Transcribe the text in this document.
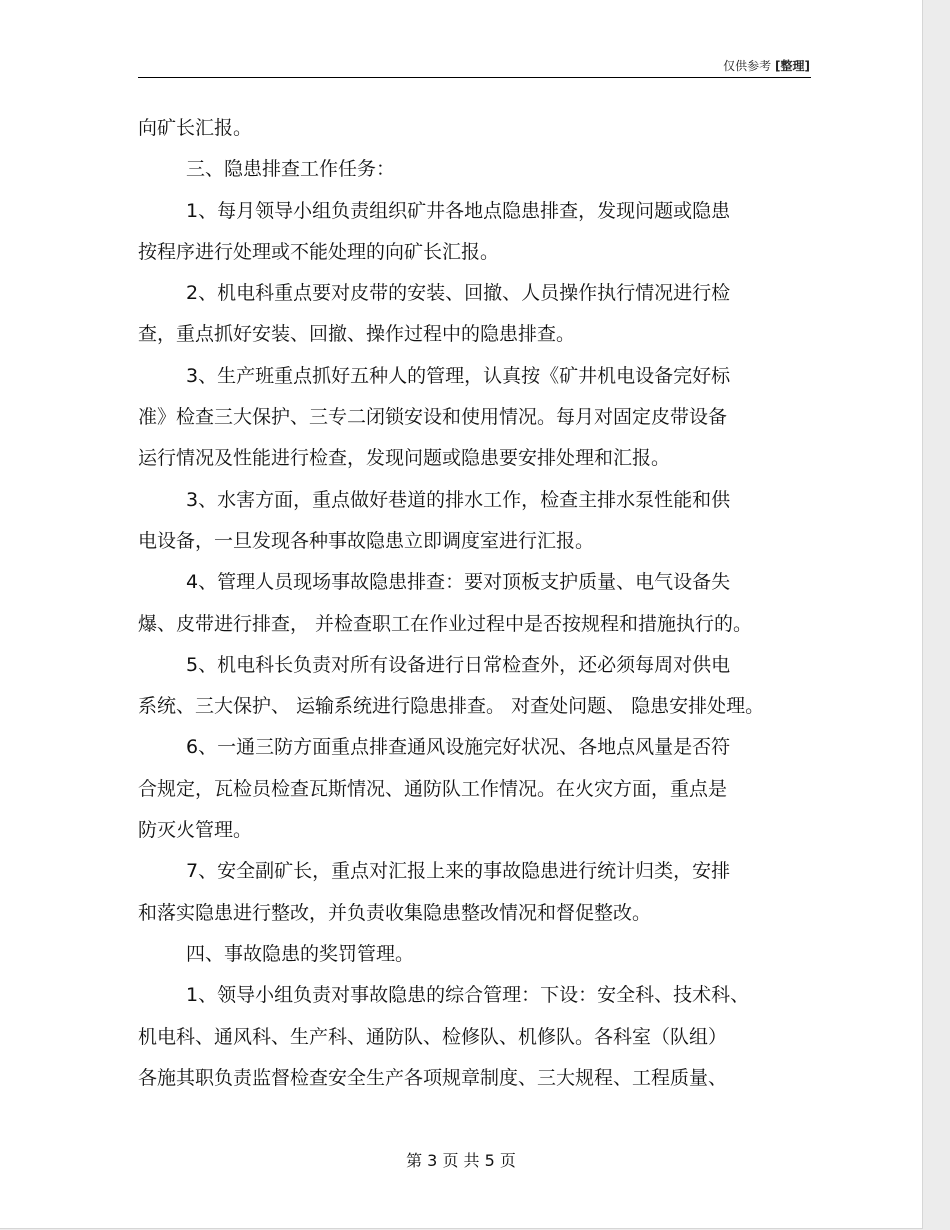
仅供参考 [整理]
向矿长汇报。
三、隐患排查工作任务：
1、每月领导小组负责组织矿井各地点隐患排查，发现问题或隐患
按程序进行处理或不能处理的向矿长汇报。
2、机电科重点要对皮带的安装、回撤、人员操作执行情况进行检
查，重点抓好安装、回撤、操作过程中的隐患排查。
3、生产班重点抓好五种人的管理，认真按《矿井机电设备完好标
准》检查三大保护、三专二闭锁安设和使用情况。每月对固定皮带设备
运行情况及性能进行检查，发现问题或隐患要安排处理和汇报。
3、水害方面，重点做好巷道的排水工作，检查主排水泵性能和供
电设备，一旦发现各种事故隐患立即调度室进行汇报。
4、管理人员现场事故隐患排查：要对顶板支护质量、电气设备失
爆、皮带进行排查， 并检查职工在作业过程中是否按规程和措施执行的。
5、机电科长负责对所有设备进行日常检查外，还必须每周对供电
系统、三大保护、 运输系统进行隐患排查。 对查处问题、 隐患安排处理。
6、一通三防方面重点排查通风设施完好状况、各地点风量是否符
合规定，瓦检员检查瓦斯情况、通防队工作情况。在火灾方面，重点是
防灭火管理。
7、安全副矿长，重点对汇报上来的事故隐患进行统计归类，安排
和落实隐患进行整改，并负责收集隐患整改情况和督促整改。
四、事故隐患的奖罚管理。
1、领导小组负责对事故隐患的综合管理：下设：安全科、技术科、
机电科、通风科、生产科、通防队、检修队、机修队。各科室（队组）
各施其职负责监督检查安全生产各项规章制度、三大规程、工程质量、
第 3 页 共 5 页
